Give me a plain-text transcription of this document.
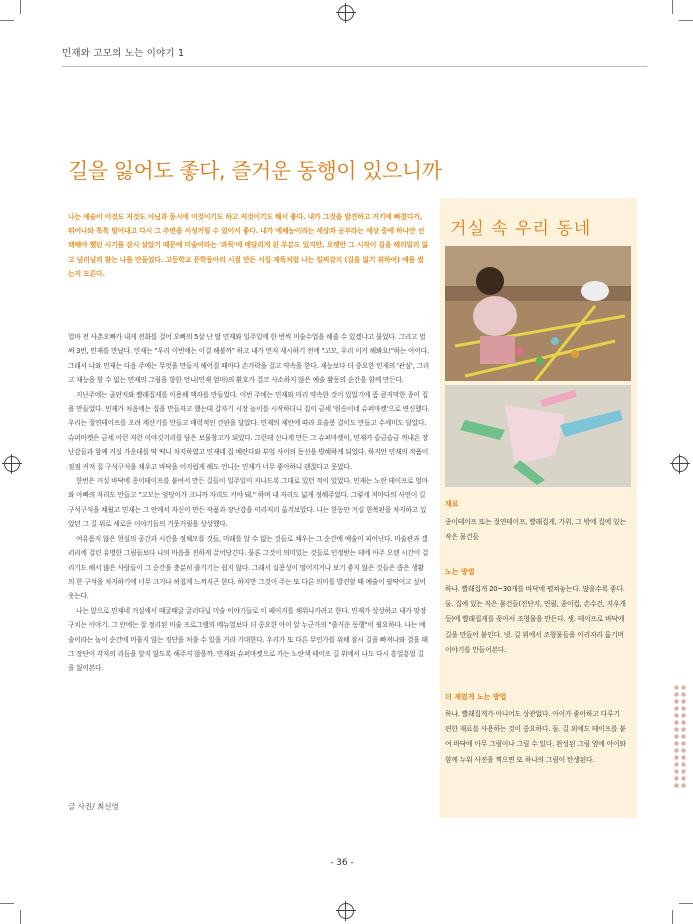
민재와 고모의 노는 이야기 1
길을 잃어도 좋다, 즐거운 동행이 있으니까
나는 예술이 이것도 저것도 아님과 동시에 이것이기도 하고 저것이기도 해서 좋다. 내가 그것을 발견하고 거기에 빠졌다가, 뛰어나와 툭툭 털어내고 다시 그 주변을 서성거릴 수 있어서 좋다. 내가 예체능이라는 세상과 공부라는 세상 중에 하나만 선택해야 했던 시기를 잠시 살았기 때문에 미술이라는 '과목'에 매달리게 된 부분도 있지만, 오랫만 그 시작이 길을 헤리밀리 잃고 넘리넘리 찾는 나를 만들었다. 고등학교 문학동아리 시절 만든 시집 제목처럼 나는 일찌감치 (길을 잃기 위하여) 애를 썼는지 모른다.

얼마 전 사촌오빠가 내게 전화를 걸어 오빠의 5살 난 딸 민재와 일주일에 한 번씩 미술수업을 해줄 수 있겠냐고 물었다. 그리고 벌써 3번, 민재를 만났다. 민재는 "우리 이번에는 이걸 해볼까" 하고 내가 먼저 제시하기 전에 "고모, 우리 이거 해봐요!"하는 아이다. 그래서 나와 민재는 다음 주에는 무엇을 만들지 헤어질 때마다 손가락을 걸고 약속을 한다. 재능보다 더 중요한 민재의 '관심', 그리고 재능을 할 수 없는 민재의 그림을 향한 언니(민재 엄마)의 환호가 결코 사소하지 않은 예술 활동의 순간을 함께 만든다.

지난주에는 골판지와 빨래집게를 이용해 액자를 만들었다. 이번 주에는 민재와 미리 약속한 것이 있었기에 좀 큼지막한 종이 집을 만들었다. 민재가 처음에는 집을 만들자고 했는데 갑자기 시장 놀이를 시작하더니 집이 금세 '원승이네 슈퍼마켓'으로 변신했다. 우리는 절연테이프를 오려 계산기를 만들고 매력적인 간판을 달았다. 민재의 제안에 따라 요술봉 걸이도 만들고 수세미도 달았다. 슈퍼마켓은 금세 이런 저런 이야깃거리를 담은 보물창고가 되었다. 그런데 신나게 만든 그 슈퍼마켓이, 민재가 슬금슬금 꺼내온 장난감들과 함께 거실 가운데를 딱 떡니 차지하였고 민재네 집 베란다와 부엌 사이의 동선을 방해하게 되었다. 하지만 민재의 작품이 점점 커져 집 구석구석을 채우고 바닥을 어지럽게 해도 언니는 민재가 너무 좋아하니 괜찮다고 웃었다.

한번은 거실 바닥에 종이테이프를 붙여서 만든 길들이 일주일이 지나도록 그대로 있던 적이 있었다. 민재는 노란 테이프로 엄마와 아빠의 자리도 만들고 "고모는 엉덩이가 크니까 자리도 커야 돼." 하며 내 자리도 넓게 정해주었다. 그렇게 저마다의 사연이 길 구석구석을 채웠고 민재는 그 안에서 자신이 만든 작품과 장난감을 이리저리 옮겨보았다. 나는 한동안 거실 한복판을 차지하고 있었던 그 길 위로 새로운 이야기들의 기웃거림을 상상했다.

여유롭지 않은 현실의 공간과 시간을 정체모를 것들, 미래를 알 수 없는 것들로 채우는 그 순간에 예술이 피어난다. 미술관과 갤러리에 걸린 유명한 그림들보다 나의 마음을 진하게 끌어당긴다. 물론 그것이 의미있는 것들로 인정받는 데에 아주 오랜 시간이 걸리기도 해서 많은 사람들이 그 순간을 충분히 즐기기는 쉽지 않다. 그래서 실용성이 떨어지거나 보기 좋지 않은 것들은 좁은 생활의 한 구석을 차지하기에 너무 크거나 허접게 느껴지곤 한다. 하지만 그것이 주는 또 다른 의미를 발견할 때 예술이 팔딱이고 싶어 옷는다.

나는 앞으로 민재네 거실에서 때굴때굴 굴러다닐 미술 이야기들로 이 페이지를 채워나가려고 한다. 민재가 상상하고 내가 맞장구치는 이야기. 그 안에는 잘 정리된 미술 프로그램의 메뉴얼보다 더 중요한 아이 알 누군가의 "즐거운 동행"이 필요하다. 나는 예술이라는 놀이 순간에 머물지 않는 징단을 처출 수 있을 거라 기대한다. 우리가 또 다른 무언가를 위해 잠시 길을 빠져나와 결을 때 그 장단이 각자의 리듬을 알지 않도록 해주지 않을까. 민재와 슈퍼마켓으로 가는 노란색 테이프 길 위에서 나도 다시 흥얼흥얼 길을 잃어본다.

글 사진/ 최선영
거실 속 우리 동네
재료
종이테이프 또는 절연테이프, 빨래집게, 가위, 그 밖에 집에 있는 작은 물건들
노는 방법
하나. 빨래집게 20~30개를 바닥에 펼쳐놓는다. 많을수록 좋다. 둘. 집에 있는 작은 물건들(전단지, 연필, 종이컵, 손수건, 지우개 등)에 빨래집게를 꽂아서 조형물을 만든다. 셋. 테이프로 바닥에 길을 만들어 붙인다. 넷. 길 위에서 조형물들을 이리저리 옮기며 이야기를 만들어본다.
더 재밌게 노는 방법
하나. 빨래집게가 아니어도 상관없다. 아이가 좋아하고 다루기 편한 재료를 사용하는 것이 중요하다. 둘. 길 외에도 테이프를 붙여 바닥에 아무 그림이나 그릴 수 있다. 완성된 그림 옆에 아이와 함께 누워 사진을 찍으면 또 하나의 그림이 탄생된다.
- 36 -
